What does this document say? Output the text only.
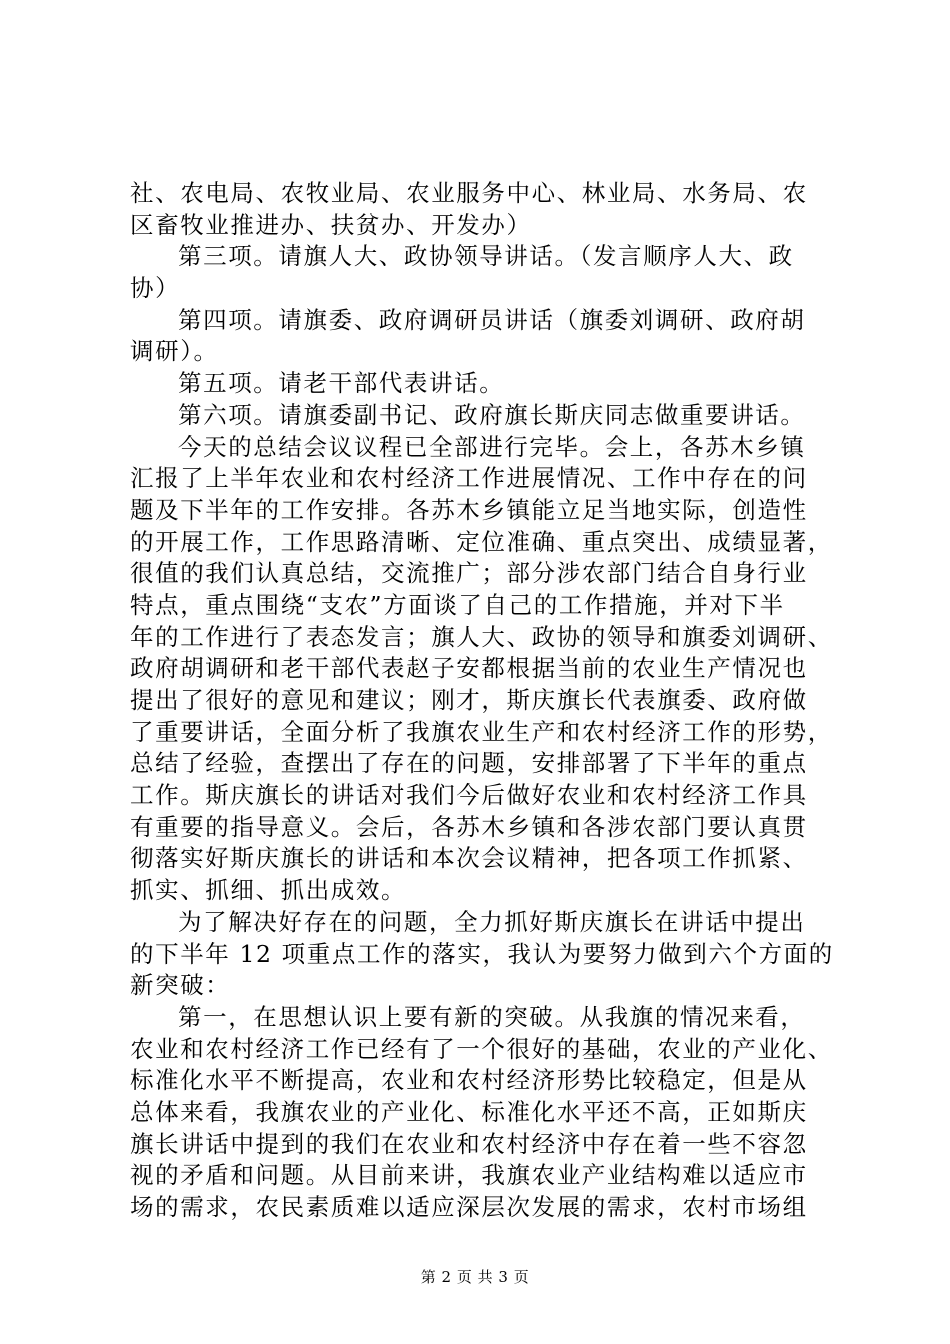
社、农电局、农牧业局、农业服务中心、林业局、水务局、农
区畜牧业推进办、扶贫办、开发办）
第三项。请旗人大、政协领导讲话。（发言顺序人大、政
协）
第四项。请旗委、政府调研员讲话（旗委刘调研、政府胡
调研）。
第五项。请老干部代表讲话。
第六项。请旗委副书记、政府旗长斯庆同志做重要讲话。
今天的总结会议议程已全部进行完毕。会上，各苏木乡镇
汇报了上半年农业和农村经济工作进展情况、工作中存在的问
题及下半年的工作安排。各苏木乡镇能立足当地实际，创造性
的开展工作，工作思路清晰、定位准确、重点突出、成绩显著，
很值的我们认真总结，交流推广；部分涉农部门结合自身行业
特点，重点围绕“支农”方面谈了自己的工作措施，并对下半
年的工作进行了表态发言；旗人大、政协的领导和旗委刘调研、
政府胡调研和老干部代表赵子安都根据当前的农业生产情况也
提出了很好的意见和建议；刚才，斯庆旗长代表旗委、政府做
了重要讲话，全面分析了我旗农业生产和农村经济工作的形势，
总结了经验，查摆出了存在的问题，安排部署了下半年的重点
工作。斯庆旗长的讲话对我们今后做好农业和农村经济工作具
有重要的指导意义。会后，各苏木乡镇和各涉农部门要认真贯
彻落实好斯庆旗长的讲话和本次会议精神，把各项工作抓紧、
抓实、抓细、抓出成效。
为了解决好存在的问题，全力抓好斯庆旗长在讲话中提出
的下半年 12 项重点工作的落实，我认为要努力做到六个方面的
新突破：
第一，在思想认识上要有新的突破。从我旗的情况来看，
农业和农村经济工作已经有了一个很好的基础，农业的产业化、
标准化水平不断提高，农业和农村经济形势比较稳定，但是从
总体来看，我旗农业的产业化、标准化水平还不高，正如斯庆
旗长讲话中提到的我们在农业和农村经济中存在着一些不容忽
视的矛盾和问题。从目前来讲，我旗农业产业结构难以适应市
场的需求，农民素质难以适应深层次发展的需求，农村市场组
第 2 页 共 3 页
